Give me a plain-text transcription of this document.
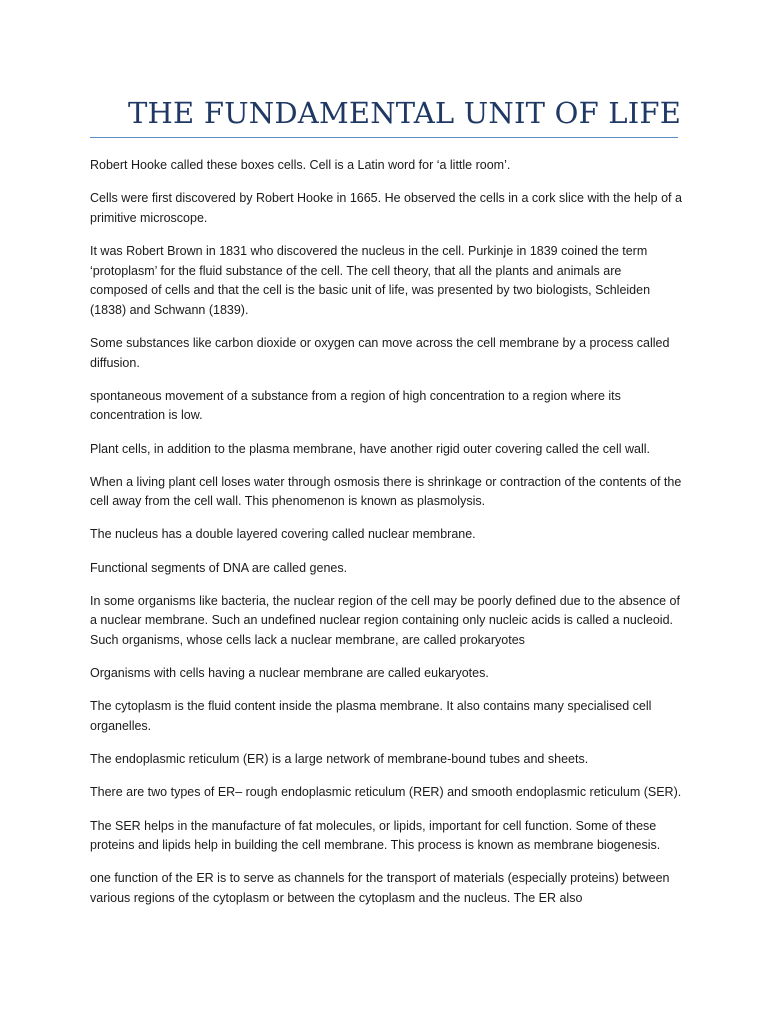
THE FUNDAMENTAL UNIT OF LIFE

Robert Hooke called these boxes cells. Cell is a Latin word for ‘a little room’.

Cells were first discovered by Robert Hooke in 1665. He observed the cells in a cork slice with the help of a primitive microscope.

It was Robert Brown in 1831 who discovered the nucleus in the cell. Purkinje in 1839 coined the term ‘protoplasm’ for the fluid substance of the cell. The cell theory, that all the plants and animals are composed of cells and that the cell is the basic unit of life, was presented by two biologists, Schleiden (1838) and Schwann (1839).

Some substances like carbon dioxide or oxygen can move across the cell membrane by a process called diffusion.

spontaneous movement of a substance from a region of high concentration to a region where its concentration is low.

Plant cells, in addition to the plasma membrane, have another rigid outer covering called the cell wall.

When a living plant cell loses water through osmosis there is shrinkage or contraction of the contents of the cell away from the cell wall. This phenomenon is known as plasmolysis.

The nucleus has a double layered covering called nuclear membrane.

Functional segments of DNA are called genes.

In some organisms like bacteria, the nuclear region of the cell may be poorly defined due to the absence of a nuclear membrane. Such an undefined nuclear region containing only nucleic acids is called a nucleoid. Such organisms, whose cells lack a nuclear membrane, are called prokaryotes

Organisms with cells having a nuclear membrane are called eukaryotes.

The cytoplasm is the fluid content inside the plasma membrane. It also contains many specialised cell organelles.

The endoplasmic reticulum (ER) is a large network of membrane-bound tubes and sheets.

There are two types of ER– rough endoplasmic reticulum (RER) and smooth endoplasmic reticulum (SER).

The SER helps in the manufacture of fat molecules, or lipids, important for cell function. Some of these proteins and lipids help in building the cell membrane. This process is known as membrane biogenesis.

one function of the ER is to serve as channels for the transport of materials (especially proteins) between various regions of the cytoplasm or between the cytoplasm and the nucleus. The ER also
